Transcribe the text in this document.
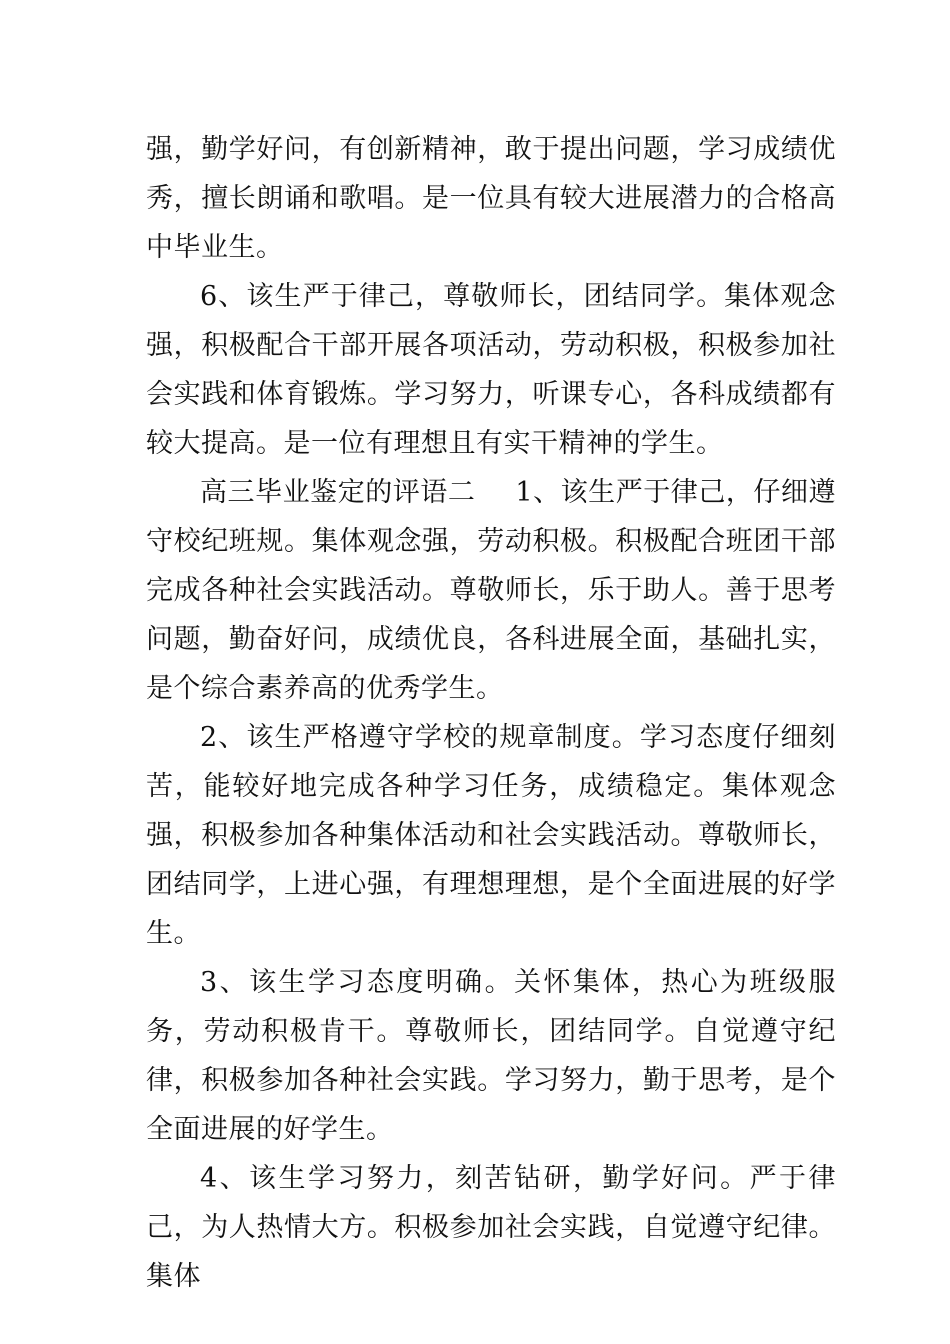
强，勤学好问，有创新精神，敢于提出问题，学习成绩优秀，擅长朗诵和歌唱。是一位具有较大进展潜力的合格高中毕业生。

6、该生严于律己，尊敬师长，团结同学。集体观念强，积极配合干部开展各项活动，劳动积极，积极参加社会实践和体育锻炼。学习努力，听课专心，各科成绩都有较大提高。是一位有理想且有实干精神的学生。

高三毕业鉴定的评语二 1、该生严于律己，仔细遵守校纪班规。集体观念强，劳动积极。积极配合班团干部完成各种社会实践活动。尊敬师长，乐于助人。善于思考问题，勤奋好问，成绩优良，各科进展全面，基础扎实，是个综合素养高的优秀学生。

2、该生严格遵守学校的规章制度。学习态度仔细刻苦，能较好地完成各种学习任务，成绩稳定。集体观念强，积极参加各种集体活动和社会实践活动。尊敬师长，团结同学，上进心强，有理想理想，是个全面进展的好学生。

3、该生学习态度明确。关怀集体，热心为班级服务，劳动积极肯干。尊敬师长，团结同学。自觉遵守纪律，积极参加各种社会实践。学习努力，勤于思考，是个全面进展的好学生。

4、该生学习努力，刻苦钻研，勤学好问。严于律己，为人热情大方。积极参加社会实践，自觉遵守纪律。集体
